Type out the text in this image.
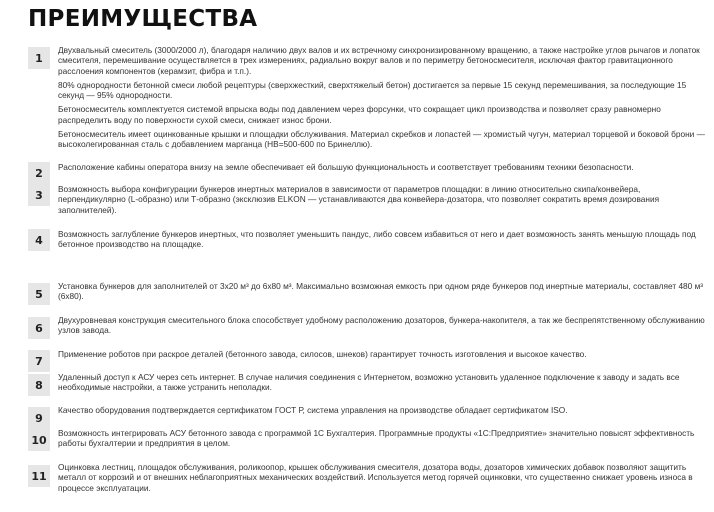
ПРЕИМУЩЕСТВА
1

Двухвальный смеситель (3000/2000 л), благодаря наличию двух валов и их встречному синхронизированному вращению, а также настройке углов рычагов и лопаток смесителя, перемешивание осуществляется в трех измерениях, радиально вокруг валов и по периметру бетоносмесителя, исключая фактор гравитационного расслоения компонентов (керамзит, фибра и т.п.).

80% однородности бетонной смеси любой рецептуры (сверхжесткий, сверхтяжелый бетон) достигается за первые 15 секунд перемешивания, за последующие 15 секунд — 95% однородности.

Бетоносмеситель комплектуется системой впрыска воды под давлением через форсунки, что сокращает цикл производства и позволяет сразу равномерно распределить воду по поверхности сухой смеси, снижает износ брони.

Бетоносмеситель имеет оцинкованные крышки и площадки обслуживания. Материал скребков и лопастей — хромистый чугун, материал торцевой и боковой брони — высоколегированная сталь с добавлением марганца (HB=500-600 по Бринеллю).

2	Расположение кабины оператора внизу на земле обеспечивает ей большую функциональность и соответствует требованиям техники безопасности.

3	Возможность выбора конфигурации бункеров инертных материалов в зависимости от параметров площадки: в линию относительно скипа/конвейера, перпендикулярно (L-образно) или Т-образно (эксклюзив ELKON — устанавливаются два конвейера-дозатора, что позволяет сократить время дозирования заполнителей).

4	Возможность заглубление бункеров инертных, что позволяет уменьшить пандус, либо совсем избавиться от него и дает возможность занять меньшую площадь под бетонное производство на площадке.

5

Установка бункеров для заполнителей от 3х20 м³ до 6х80 м³. Максимально возможная емкость при одном ряде бункеров под инертные материалы, составляет 480 м³ (6х80).

6

Двухуровневая конструкция смесительного блока способствует удобному расположению дозаторов, бункера-накопителя, а так же беспрепятственному обслуживанию узлов завода.

7

Применение роботов при раскрое деталей (бетонного завода, силосов, шнеков) гарантирует точность изготовления и высокое качество.

8

Удаленный доступ к АСУ через сеть интернет. В случае наличия соединения с Интернетом, возможно установить удаленное подключение к заводу и задать все необходимые настройки, а также устранить неполадки.

9

Качество оборудования подтверждается сертификатом ГОСТ Р, система управления на производстве обладает сертификатом ISO.

10

Возможность интегрировать АСУ бетонного завода с программой 1С Бухгалтерия. Программные продукты «1С:Предприятие» значительно повысят эффективность работы бухгалтерии и предприятия в целом.

11

Оцинковка лестниц, площадок обслуживания, роликоопор, крышек обслуживания смесителя, дозатора воды, дозаторов химических добавок позволяют защитить металл от коррозий и от внешних неблагоприятных механических воздействий. Используется метод горячей оцинковки, что существенно снижает уровень износа в процессе эксплуатации.
